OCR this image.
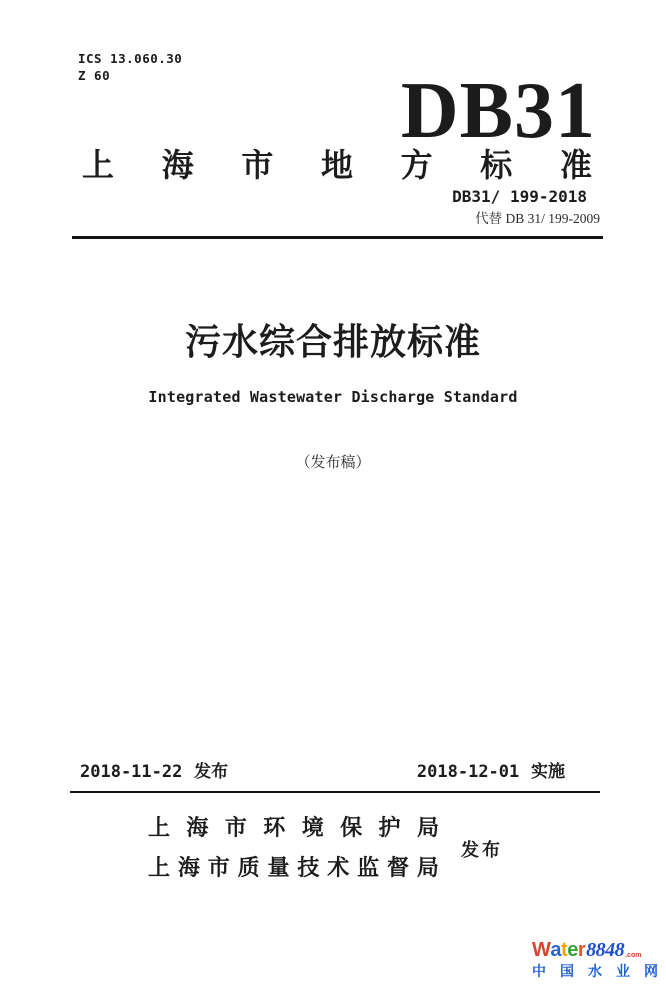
ICS 13.060.30
Z 60	DB31
上 海 市 地 方 标 准
DB31/ 199-2018
代替 DB 31/ 199-2009
污水综合排放标准
Integrated Wastewater Discharge Standard
（发布稿）
2018-11-22 发布	2018-12-01 实施
上 海 市 环 境 保 护 局
上 海 市 质 量 技 术 监 督 局
发布
W a t e r 8848 .com
中 国 水 业 网
